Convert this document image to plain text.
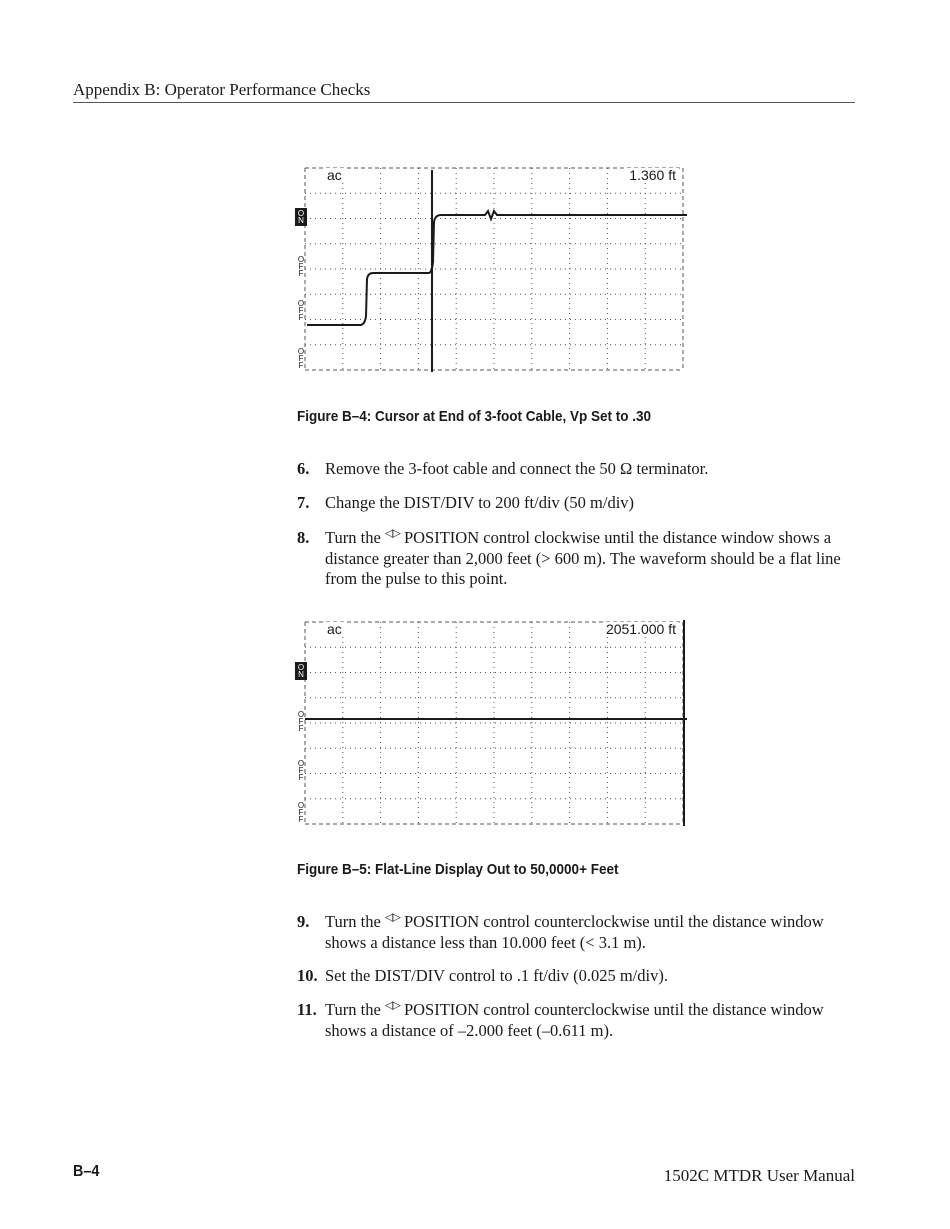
Appendix B: Operator Performance Checks
ac	1.360 ft
O
N
O
F
F
O
F
F
O
F
F
Figure B–4: Cursor at End of 3-foot Cable, Vp Set to .30
6. Remove the 3-foot cable and connect the 50 Ω terminator.
7. Change the DIST/DIV to 200 ft/div (50 m/div)
8. Turn the ◁▷ POSITION control clockwise until the distance window shows a distance greater than 2,000 feet (> 600 m). The waveform should be a flat line from the pulse to this point.
ac	2051.000 ft
O
N
O
F
F
O
F
F
O
F
F
Figure B–5: Flat-Line Display Out to 50,0000+ Feet
9. Turn the ◁▷ POSITION control counterclockwise until the distance window shows a distance less than 10.000 feet (< 3.1 m).
10. Set the DIST/DIV control to .1 ft/div (0.025 m/div).
11. Turn the ◁▷ POSITION control counterclockwise until the distance window shows a distance of –2.000 feet (–0.611 m).
B–4	1502C MTDR User Manual
